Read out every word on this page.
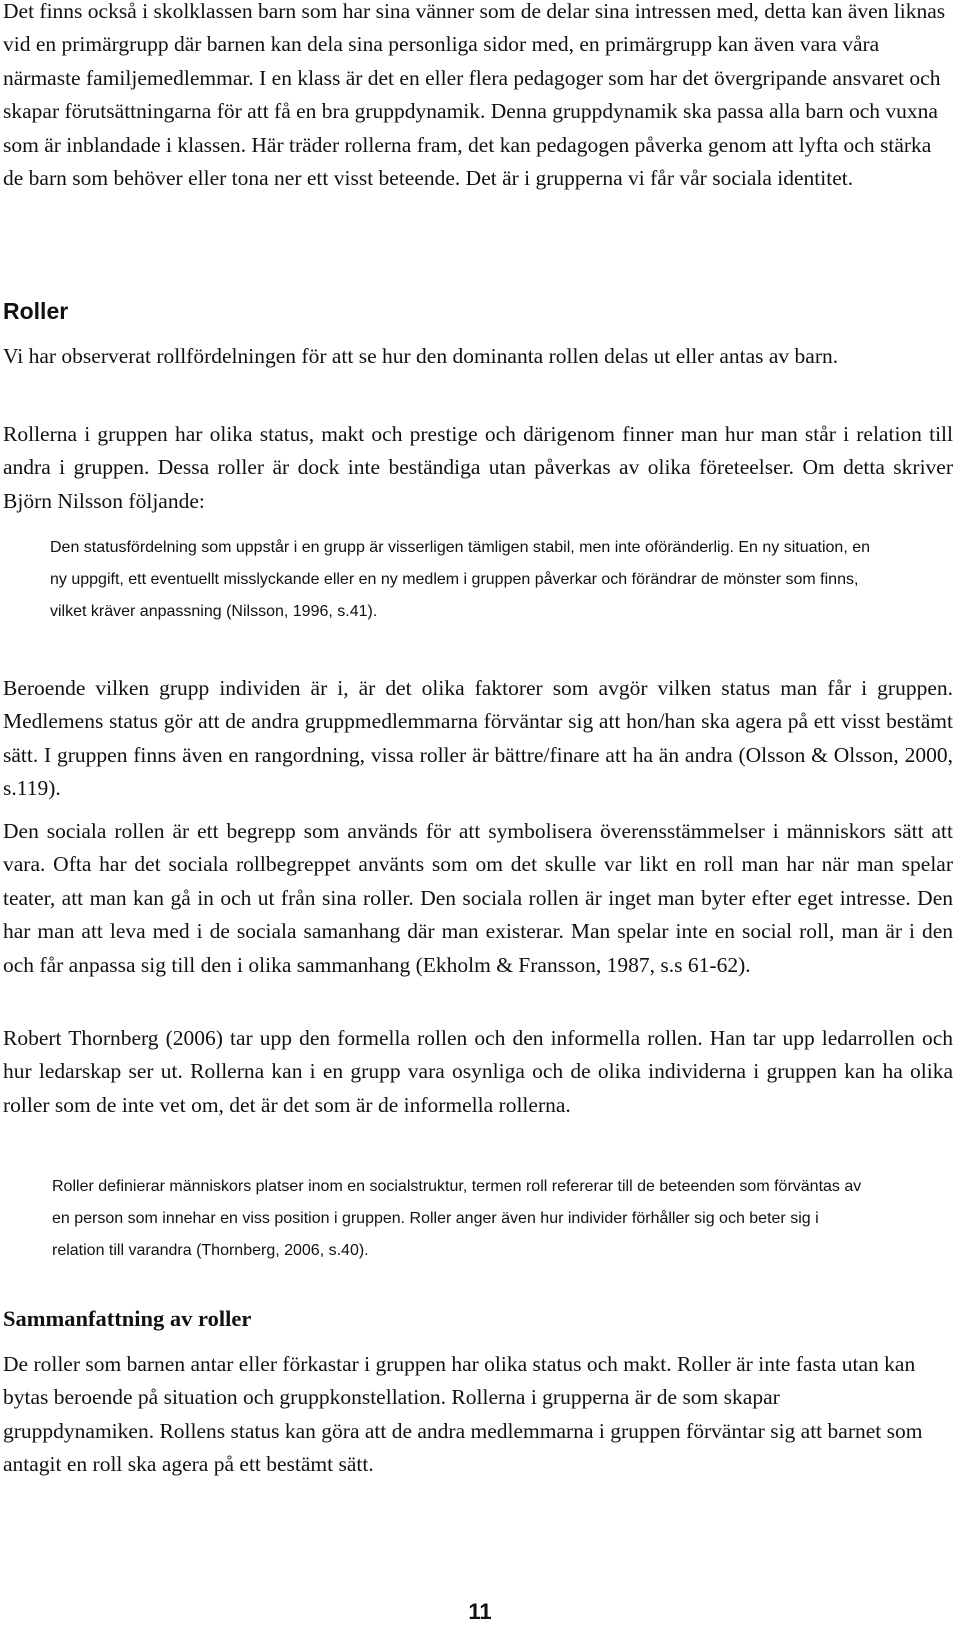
Det finns också i skolklassen barn som har sina vänner som de delar sina intressen med, detta kan även liknas vid en primärgrupp där barnen kan dela sina personliga sidor med, en primärgrupp kan även vara våra närmaste familjemedlemmar. I en klass är det en eller flera pedagoger som har det övergripande ansvaret och skapar förutsättningarna för att få en bra gruppdynamik. Denna gruppdynamik ska passa alla barn och vuxna som är inblandade i klassen. Här träder rollerna fram, det kan pedagogen påverka genom att lyfta och stärka de barn som behöver eller tona ner ett visst beteende. Det är i grupperna vi får vår sociala identitet.

Roller

Vi har observerat rollfördelningen för att se hur den dominanta rollen delas ut eller antas av barn.

Rollerna i gruppen har olika status, makt och prestige och därigenom finner man hur man står i relation till andra i gruppen. Dessa roller är dock inte beständiga utan påverkas av olika företeelser. Om detta skriver Björn Nilsson följande:

Den statusfördelning som uppstår i en grupp är visserligen tämligen stabil, men inte oföränderlig. En ny situation, en ny uppgift, ett eventuellt misslyckande eller en ny medlem i gruppen påverkar och förändrar de mönster som finns, vilket kräver anpassning (Nilsson, 1996, s.41).

Beroende vilken grupp individen är i, är det olika faktorer som avgör vilken status man får i gruppen. Medlemens status gör att de andra gruppmedlemmarna förväntar sig att hon/han ska agera på ett visst bestämt sätt. I gruppen finns även en rangordning, vissa roller är bättre/finare att ha än andra (Olsson & Olsson, 2000, s.119).

Den sociala rollen är ett begrepp som används för att symbolisera överensstämmelser i människors sätt att vara. Ofta har det sociala rollbegreppet använts som om det skulle var likt en roll man har när man spelar teater, att man kan gå in och ut från sina roller. Den sociala rollen är inget man byter efter eget intresse. Den har man att leva med i de sociala samanhang där man existerar. Man spelar inte en social roll, man är i den och får anpassa sig till den i olika sammanhang (Ekholm & Fransson, 1987, s.s 61-62).

Robert Thornberg (2006) tar upp den formella rollen och den informella rollen. Han tar upp ledarrollen och hur ledarskap ser ut. Rollerna kan i en grupp vara osynliga och de olika individerna i gruppen kan ha olika roller som de inte vet om, det är det som är de informella rollerna.

Roller definierar människors platser inom en socialstruktur, termen roll refererar till de beteenden som förväntas av en person som innehar en viss position i gruppen. Roller anger även hur individer förhåller sig och beter sig i relation till varandra (Thornberg, 2006, s.40).

Sammanfattning av roller

De roller som barnen antar eller förkastar i gruppen har olika status och makt. Roller är inte fasta utan kan bytas beroende på situation och gruppkonstellation. Rollerna i grupperna är de som skapar gruppdynamiken. Rollens status kan göra att de andra medlemmarna i gruppen förväntar sig att barnet som antagit en roll ska agera på ett bestämt sätt.

11
